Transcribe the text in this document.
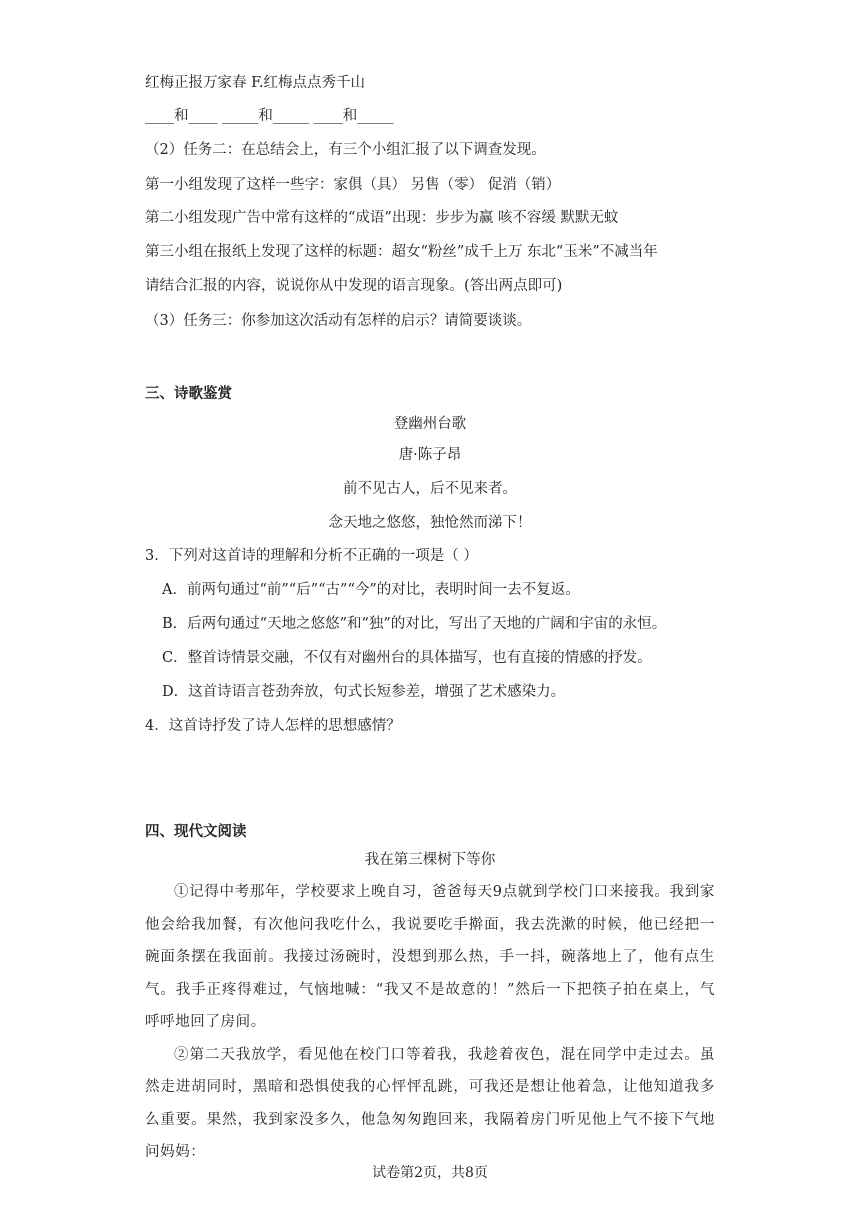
红梅正报万家春 F.红梅点点秀千山
____和____ _____和_____ ____和_____
（2）任务二：在总结会上，有三个小组汇报了以下调查发现。
第一小组发现了这样一些字：家俱（具） 另售（零） 促消（销）
第二小组发现广告中常有这样的“成语”出现：步步为赢 咳不容缓 默默无蚊
第三小组在报纸上发现了这样的标题：超女“粉丝”成千上万 东北“玉米”不减当年
请结合汇报的内容，说说你从中发现的语言现象。(答出两点即可)
（3）任务三：你参加这次活动有怎样的启示？请简要谈谈。
三、诗歌鉴赏
登幽州台歌
唐·陈子昂
前不见古人，后不见来者。
念天地之悠悠，独怆然而涕下！
3．下列对这首诗的理解和分析不正确的一项是（ ）
A．前两句通过“前”“后”“古”“今”的对比，表明时间一去不复返。
B．后两句通过“天地之悠悠”和“独”的对比，写出了天地的广阔和宇宙的永恒。
C．整首诗情景交融，不仅有对幽州台的具体描写，也有直接的情感的抒发。
D．这首诗语言苍劲奔放，句式长短参差，增强了艺术感染力。
4．这首诗抒发了诗人怎样的思想感情？
四、现代文阅读
我在第三棵树下等你

①记得中考那年，学校要求上晚自习，爸爸每天9点就到学校门口来接我。我到家他会给我加餐，有次他问我吃什么，我说要吃手擀面，我去洗漱的时候，他已经把一碗面条摆在我面前。我接过汤碗时，没想到那么热，手一抖，碗落地上了，他有点生气。我手正疼得难过，气恼地喊：“我又不是故意的！”然后一下把筷子拍在桌上，气呼呼地回了房间。

②第二天我放学，看见他在校门口等着我，我趁着夜色，混在同学中走过去。虽然走进胡同时，黑暗和恐惧使我的心怦怦乱跳，可我还是想让他着急，让他知道我多么重要。果然，我到家没多久，他急匆匆跑回来，我隔着房门听见他上气不接下气地问妈妈：

试卷第2页，共8页
